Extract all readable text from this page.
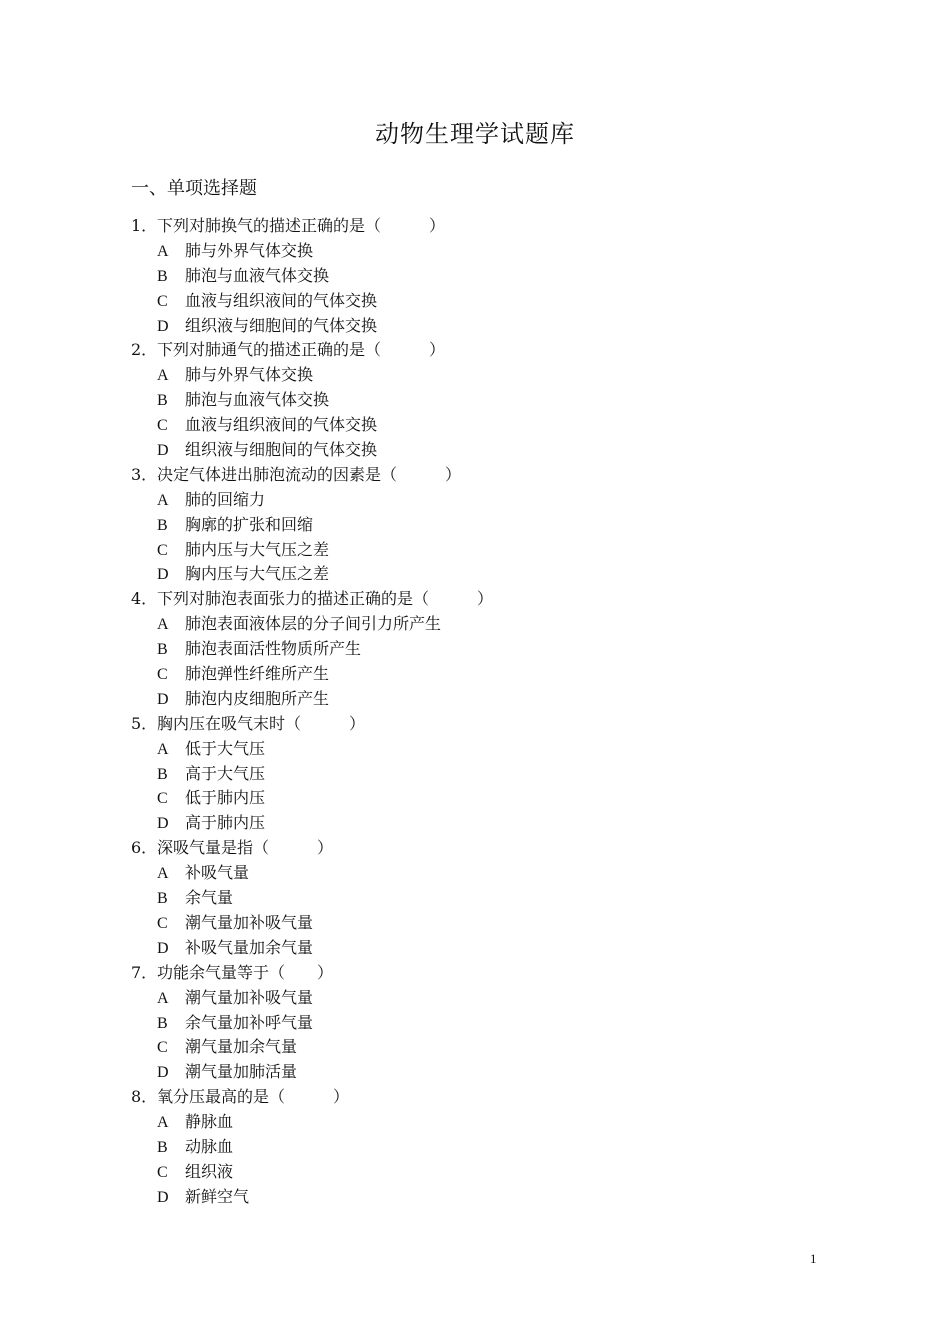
动物生理学试题库
一、单项选择题
1．下列对肺换气的描述正确的是（　　　）
A 肺与外界气体交换
B 肺泡与血液气体交换
C 血液与组织液间的气体交换
D 组织液与细胞间的气体交换
2．下列对肺通气的描述正确的是（　　　）
A 肺与外界气体交换
B 肺泡与血液气体交换
C 血液与组织液间的气体交换
D 组织液与细胞间的气体交换
3．决定气体进出肺泡流动的因素是（　　　）
A 肺的回缩力
B 胸廓的扩张和回缩
C 肺内压与大气压之差
D 胸内压与大气压之差
4．下列对肺泡表面张力的描述正确的是（　　　）
A 肺泡表面液体层的分子间引力所产生
B 肺泡表面活性物质所产生
C 肺泡弹性纤维所产生
D 肺泡内皮细胞所产生
5．胸内压在吸气末时（　　　）
A 低于大气压
B 高于大气压
C 低于肺内压
D 高于肺内压
6．深吸气量是指（　　　）
A 补吸气量
B 余气量
C 潮气量加补吸气量
D 补吸气量加余气量
7．功能余气量等于（　　）
A 潮气量加补吸气量
B 余气量加补呼气量
C 潮气量加余气量
D 潮气量加肺活量
8．氧分压最高的是（　　　）
A 静脉血
B 动脉血
C 组织液
D 新鲜空气
1
